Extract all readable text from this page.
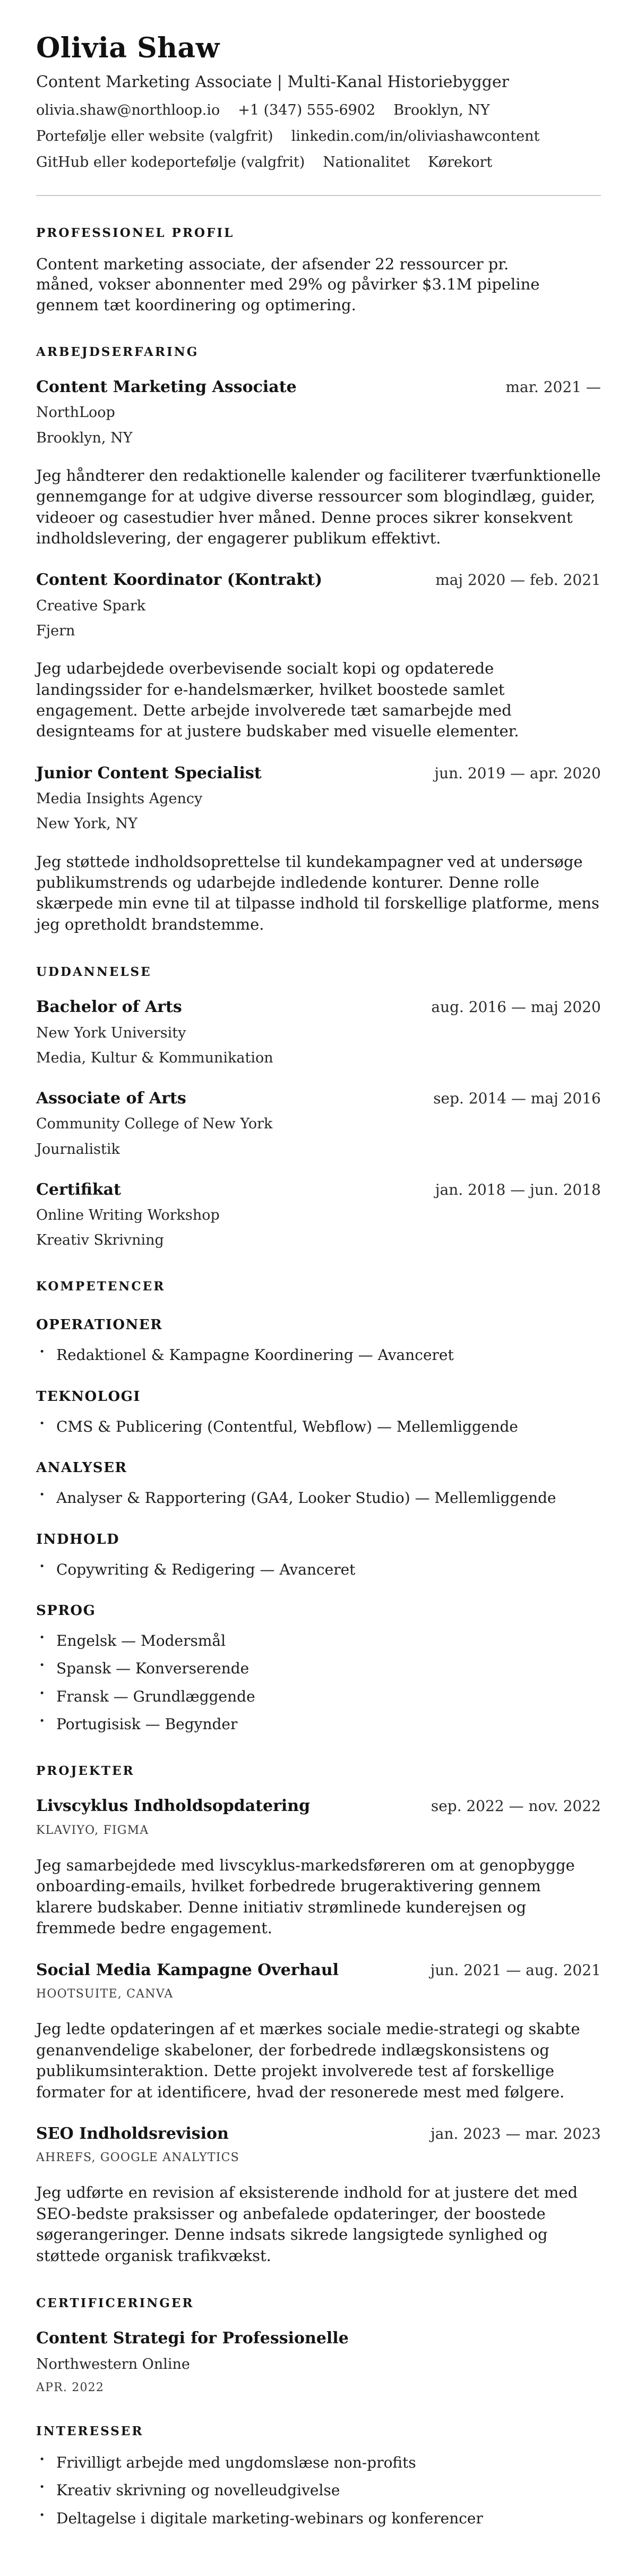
Olivia Shaw
Content Marketing Associate | Multi-Kanal Historiebygger
olivia.shaw@northloop.io +1 (347) 555-6902 Brooklyn, NY
Portefølje eller website (valgfrit) linkedin.com/in/oliviashawcontent
GitHub eller kodeportefølje (valgfrit) Nationalitet Kørekort
PROFESSIONEL PROFIL

Content marketing associate, der afsender 22 ressourcer pr. måned, vokser abonnenter med 29% og påvirker $3.1M pipeline gennem tæt koordinering og optimering.

ARBEJDSERFARING
Content Marketing Associate	mar. 2021 —
NorthLoop
Brooklyn, NY

Jeg håndterer den redaktionelle kalender og faciliterer tværfunktionelle gennemgange for at udgive diverse ressourcer som blogindlæg, guider, videoer og casestudier hver måned. Denne proces sikrer konsekvent indholdslevering, der engagerer publikum effektivt.

Content Koordinator (Kontrakt)	maj 2020 — feb. 2021
Creative Spark
Fjern

Jeg udarbejdede overbevisende socialt kopi og opdaterede landingssider for e-handelsmærker, hvilket boostede samlet engagement. Dette arbejde involverede tæt samarbejde med designteams for at justere budskaber med visuelle elementer.

Junior Content Specialist	jun. 2019 — apr. 2020
Media Insights Agency
New York, NY

Jeg støttede indholdsoprettelse til kundekampagner ved at undersøge publikumstrends og udarbejde indledende konturer. Denne rolle skærpede min evne til at tilpasse indhold til forskellige platforme, mens jeg opretholdt brandstemme.

UDDANNELSE
Bachelor of Arts	aug. 2016 — maj 2020
New York University
Media, Kultur & Kommunikation
Associate of Arts	sep. 2014 — maj 2016
Community College of New York
Journalistik
Certifikat	jan. 2018 — jun. 2018
Online Writing Workshop
Kreativ Skrivning
KOMPETENCER
OPERATIONER
• Redaktionel & Kampagne Koordinering — Avanceret
TEKNOLOGI
• CMS & Publicering (Contentful, Webflow) — Mellemliggende
ANALYSER
• Analyser & Rapportering (GA4, Looker Studio) — Mellemliggende
INDHOLD
• Copywriting & Redigering — Avanceret
SPROG
• Engelsk — Modersmål
• Spansk — Konverserende
• Fransk — Grundlæggende
• Portugisisk — Begynder
PROJEKTER
Livscyklus Indholdsopdatering	sep. 2022 — nov. 2022
KLAVIYO, FIGMA

Jeg samarbejdede med livscyklus-markedsføreren om at genopbygge onboarding-emails, hvilket forbedrede brugeraktivering gennem klarere budskaber. Denne initiativ strømlinede kunderejsen og fremmede bedre engagement.

Social Media Kampagne Overhaul	jun. 2021 — aug. 2021
HOOTSUITE, CANVA

Jeg ledte opdateringen af et mærkes sociale medie-strategi og skabte genanvendelige skabeloner, der forbedrede indlægskonsistens og publikumsinteraktion. Dette projekt involverede test af forskellige formater for at identificere, hvad der resonerede mest med følgere.

SEO Indholdsrevision	jan. 2023 — mar. 2023
AHREFS, GOOGLE ANALYTICS

Jeg udførte en revision af eksisterende indhold for at justere det med SEO-bedste praksisser og anbefalede opdateringer, der boostede søgerangeringer. Denne indsats sikrede langsigtede synlighed og støttede organisk trafikvækst.

CERTIFICERINGER
Content Strategi for Professionelle
Northwestern Online
APR. 2022
INTERESSER
• Frivilligt arbejde med ungdomslæse non-profits
• Kreativ skrivning og novelleudgivelse
• Deltagelse i digitale marketing-webinars og konferencer
